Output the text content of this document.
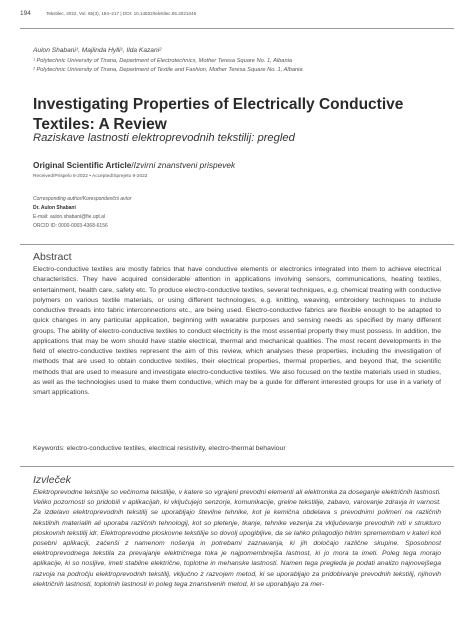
194	Tekstilec, 2022, Vol. 65(3), 194–217 | DOI: 10.14502/tekstilec.65.2021045
Aulon Shabani¹, Majlinda Hylli¹, Ilda Kazani²
¹ Polytechnic University of Tirana, Department of Electrotechnics, Mother Teresa Square No. 1, Albania
² Polytechnic University of Tirana, Department of Textile and Fashion, Mother Teresa Square No. 1, Albania
Investigating Properties of Electrically Conductive Textiles: A Review
Raziskave lastnosti elektroprevodnih tekstilij: pregled
Original Scientific Article/Izvirni znanstveni prispevek
Received/Prispelo 6-2022 • Accepted/Sprejeto 9-2022
Corresponding author/Korespondenčni avtor
Dr. Aulon Shabani
E-mail: aulon.shabani@fie.upt.al
ORCID ID: 0000-0003-4368-6156
Abstract
Electro-conductive textiles are mostly fabrics that have conductive elements or electronics integrated into them to achieve electrical characteristics. They have acquired considerable attention in applications involving sensors, communications, heating textiles, entertainment, health care, safety etc. To produce electro-conductive textiles, several techniques, e.g. chemical treating with conductive polymers on various textile materials, or using different technologies, e.g. knitting, weaving, embroidery techniques to include conductive threads into fabric interconnections etc., are being used. Electro-conductive fabrics are flexible enough to be adapted to quick changes in any particular application, beginning with wearable purposes and sensing needs as specified by many different groups. The ability of electro-conductive textiles to conduct electricity is the most essential property they must possess. In addition, the applications that may be worn should have stable electrical, thermal and mechanical qualities. The most recent developments in the field of electro-conductive textiles represent the aim of this review, which analyses these properties, including the investigation of methods that are used to obtain conductive textiles, their electrical properties, thermal properties, and beyond that, the scientific methods that are used to measure and investigate electro-conductive textiles. We also focused on the textile materials used in studies, as well as the technologies used to make them conductive, which may be a guide for different interested groups for use in a variety of smart applications.
Keywords: electro-conductive textiles, electrical resistivity, electro-thermal behaviour
Izvleček
Elektroprevodne tekstilije so večinoma tekstilije, v katere so vgrajeni prevodni elementi ali elektronika za doseganje električnih lastnosti. Veliko pozornosti so pridobili v aplikacijah, ki vključujejo senzorje, komunikacije, grelne tekstilije, zabavo, varovanje zdravja in varnost. Za izdelavo elektroprevodnih tekstilij se uporabljajo številne tehnike, kot je kemična obdelava s prevodnimi polimeri na različnih tekstilnih materialih ali uporaba različnih tehnologij, kot so pletenje, tkanje, tehnike vezenja za vključevanje prevodnih niti v strukturo ploskovnih tekstilij idr. Elektroprevodne ploskovne tekstilije so dovolj upogibljive, da se lahko prilagodijo hitrim spremembam v kateri koli posebni aplikaciji, začenši z namenom nošenja in potrebami zaznavanja, ki jih določajo različne skupine. Sposobnost elektroprevodnega tekstila za prevajanje električnega toka je najpomembnejša lastnost, ki jo mora ta imeti. Poleg tega morajo aplikacije, ki so nosljive, imeti stabilne električne, toplotne in mehanske lastnosti. Namen tega pregleda je podati analizo najnovejšega razvoja na področju elektroprevodnih tekstilij, vključno z razvojem metod, ki se uporabljajo za pridobivanje prevodnih tekstilij, njihovih električnih lastnosti, toplotnih lastnosti in poleg tega znanstvenih metod, ki se uporabljajo za mer-
